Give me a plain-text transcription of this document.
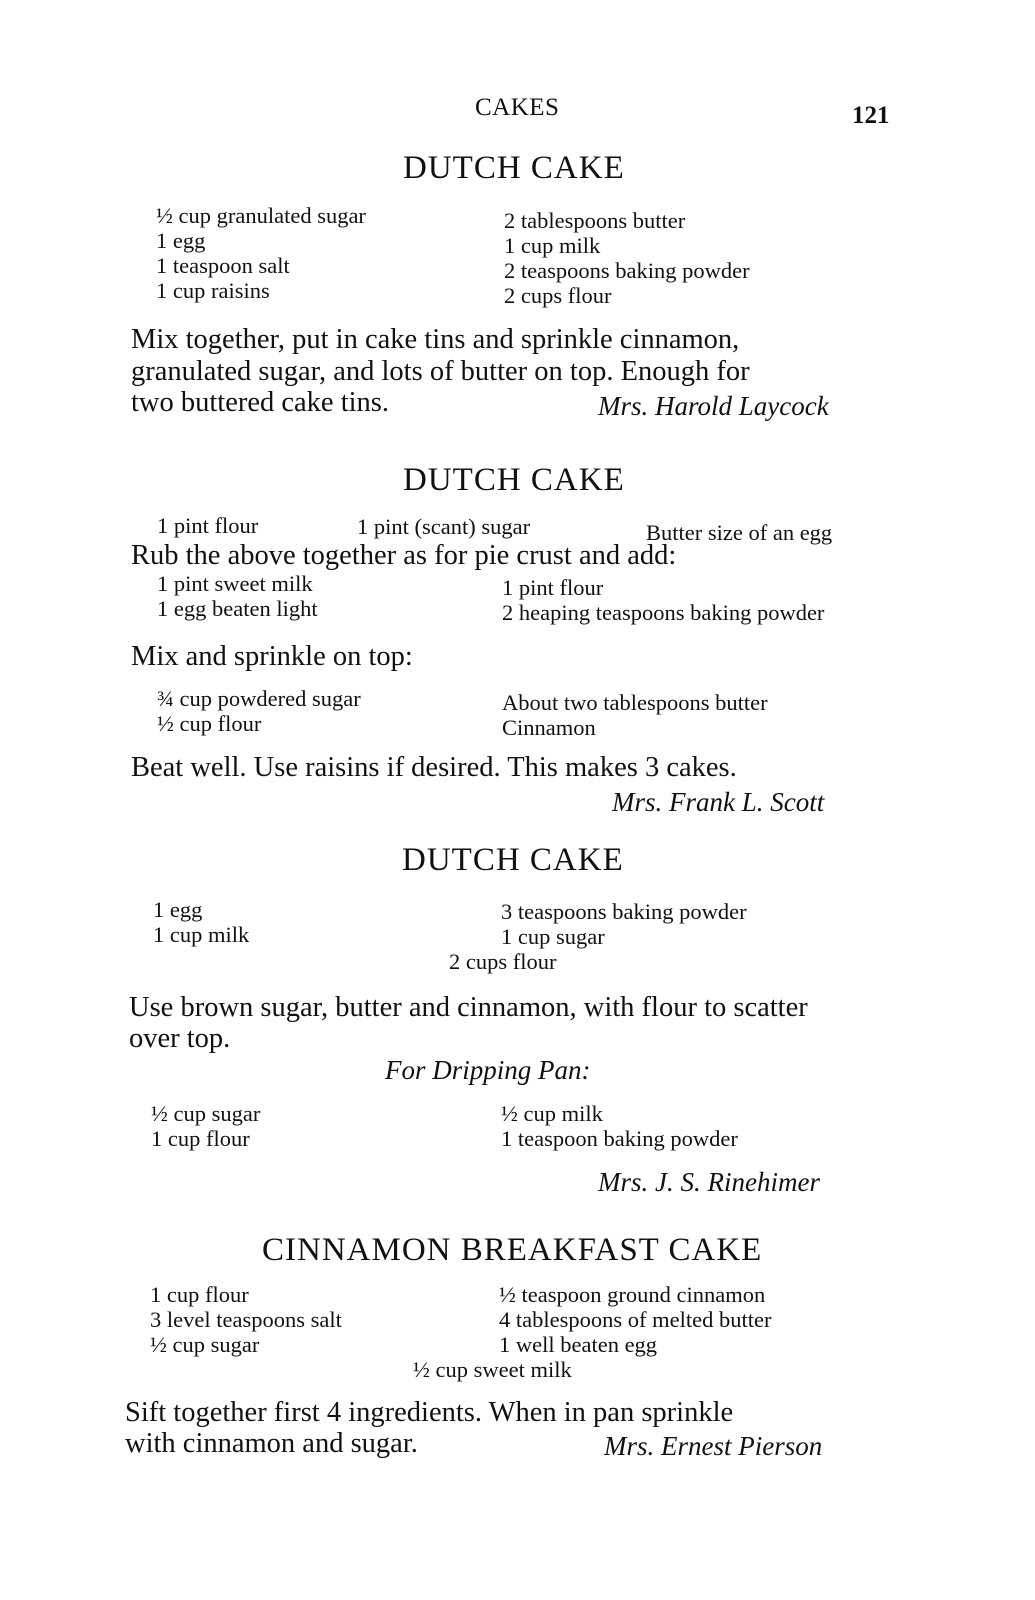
CAKES	121
DUTCH CAKE
½ cup granulated sugar
1 egg
1 teaspoon salt
1 cup raisins
2 tablespoons butter
1 cup milk
2 teaspoons baking powder
2 cups flour
Mix together, put in cake tins and sprinkle cinnamon,
granulated sugar, and lots of butter on top. Enough for
two buttered cake tins.	Mrs. Harold Laycock
DUTCH CAKE
1 pint flour	1 pint (scant) sugar	Butter size of an egg
Rub the above together as for pie crust and add:
1 pint sweet milk
1 egg beaten light
1 pint flour
2 heaping teaspoons baking powder
Mix and sprinkle on top:
¾ cup powdered sugar
½ cup flour
About two tablespoons butter
Cinnamon
Beat well. Use raisins if desired. This makes 3 cakes.
Mrs. Frank L. Scott
DUTCH CAKE
1 egg
1 cup milk
3 teaspoons baking powder
1 cup sugar
2 cups flour
Use brown sugar, butter and cinnamon, with flour to scatter
over top.
For Dripping Pan:
½ cup sugar
1 cup flour
½ cup milk
1 teaspoon baking powder
Mrs. J. S. Rinehimer
CINNAMON BREAKFAST CAKE
1 cup flour
3 level teaspoons salt
½ cup sugar
½ teaspoon ground cinnamon
4 tablespoons of melted butter
1 well beaten egg
½ cup sweet milk
Sift together first 4 ingredients. When in pan sprinkle
with cinnamon and sugar.	Mrs. Ernest Pierson
